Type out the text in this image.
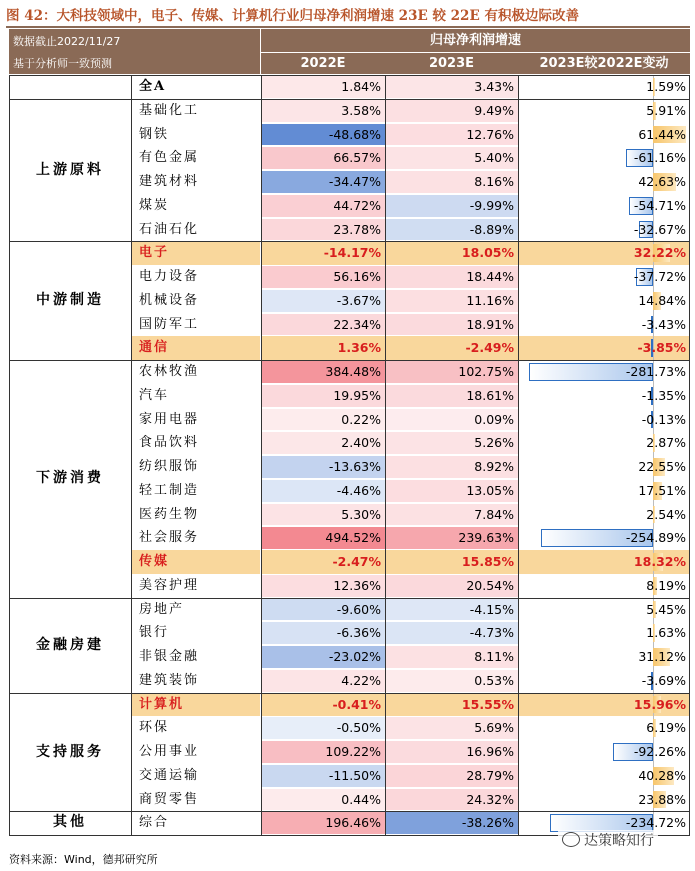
图 42：大科技领域中，电子、传媒、计算机行业归母净利润增速 23E 较 22E 有积极边际改善
数据截止2022/11/27
基于分析师一致预测
归母净利润增速
2022E	2023E	2023E较2022E变动
全A	1.84%	3.43%	1.59%
基础化工	3.58%	9.49%	5.91%
钢铁	-48.68%	12.76%	61.44%
有色金属	66.57%	5.40%	-61.16%
建筑材料	-34.47%	8.16%	42.63%
煤炭	44.72%	-9.99%	-54.71%
石油石化	23.78%	-8.89%	-32.67%
上游原料
电子	-14.17%	18.05%	32.22%
电力设备	56.16%	18.44%	-37.72%
机械设备	-3.67%	11.16%	14.84%
国防军工	22.34%	18.91%	-3.43%
通信	1.36%	-2.49%	-3.85%
中游制造
农林牧渔	384.48%	102.75%	-281.73%
汽车	19.95%	18.61%	-1.35%
家用电器	0.22%	0.09%	-0.13%
食品饮料	2.40%	5.26%	2.87%
纺织服饰	-13.63%	8.92%	22.55%
轻工制造	-4.46%	13.05%	17.51%
医药生物	5.30%	7.84%	2.54%
社会服务	494.52%	239.63%	-254.89%
传媒	-2.47%	15.85%	18.32%
美容护理	12.36%	20.54%	8.19%
下游消费
房地产	-9.60%	-4.15%	5.45%
银行	-6.36%	-4.73%	1.63%
非银金融	-23.02%	8.11%	31.12%
建筑装饰	4.22%	0.53%	-3.69%
金融房建
计算机	-0.41%	15.55%	15.96%
环保	-0.50%	5.69%	6.19%
公用事业	109.22%	16.96%	-92.26%
交通运输	-11.50%	28.79%	40.28%
商贸零售	0.44%	24.32%	23.88%
支持服务
综合	196.46%	-38.26%	-234.72%
其他
资料来源：Wind，德邦研究所
达策略知行
